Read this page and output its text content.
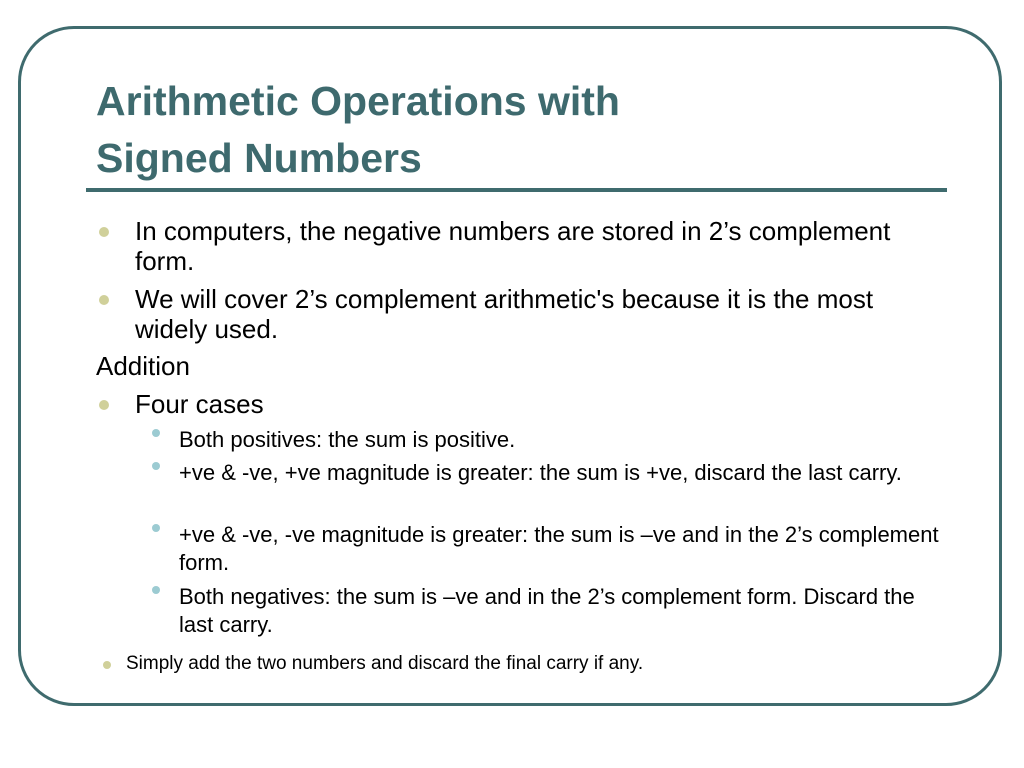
Arithmetic Operations with
Signed Numbers

In computers, the negative numbers are stored in 2’s complement form.

We will cover 2’s complement arithmetic's because it is the most widely used.

Addition

Four cases

Both positives: the sum is positive.

+ve & -ve, +ve magnitude is greater: the sum is +ve, discard the last carry.

+ve & -ve, -ve magnitude is greater: the sum is –ve and in the 2’s complement form.

Both negatives: the sum is –ve and in the 2’s complement form. Discard the last carry.

Simply add the two numbers and discard the final carry if any.
